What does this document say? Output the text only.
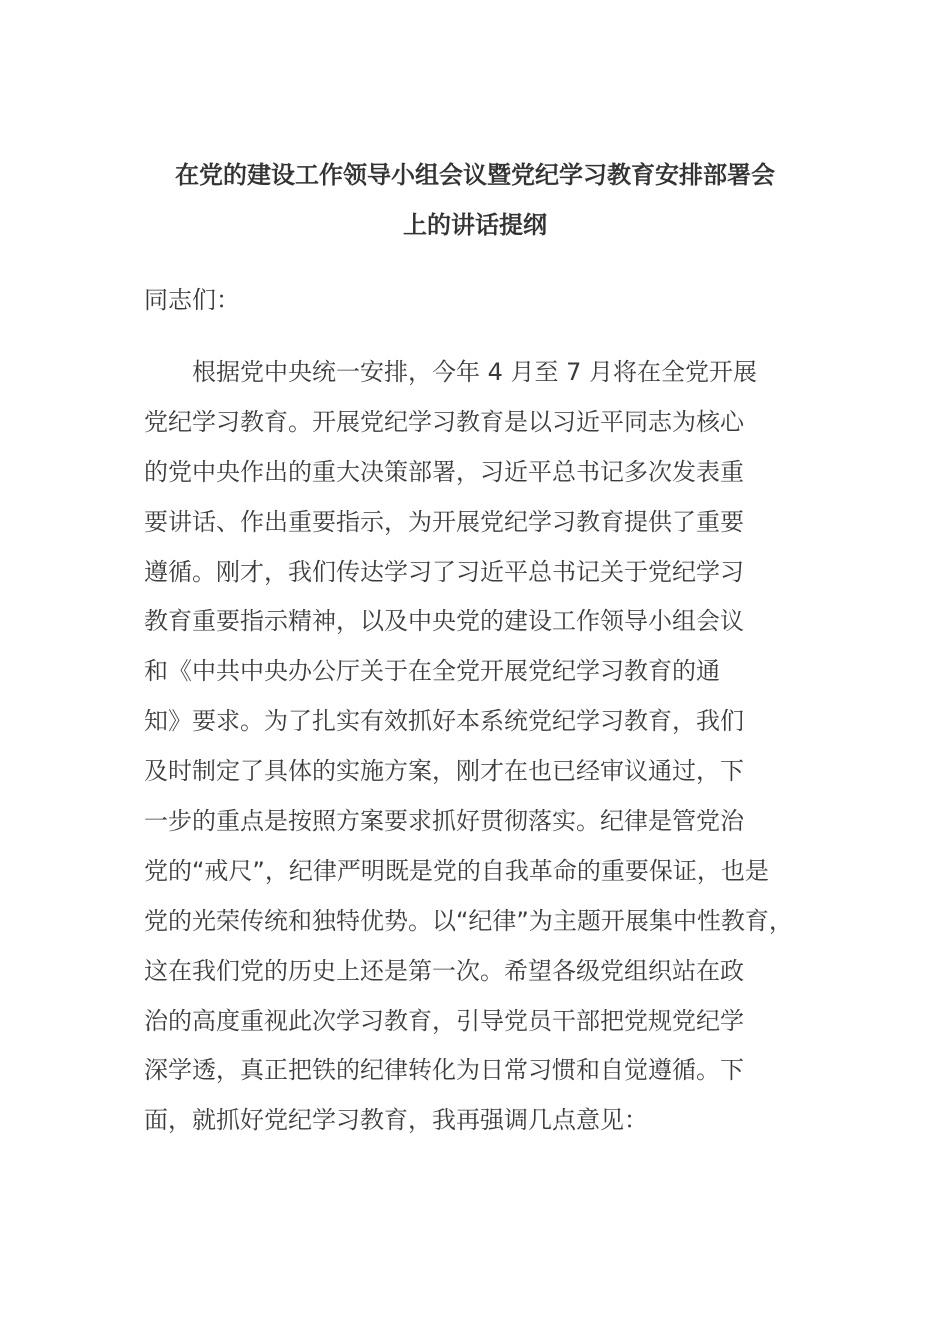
在党的建设工作领导小组会议暨党纪学习教育安排部署会
上的讲话提纲
同志们：
　　根据党中央统一安排，今年 4 月至 7 月将在全党开展
党纪学习教育。开展党纪学习教育是以习近平同志为核心
的党中央作出的重大决策部署，习近平总书记多次发表重
要讲话、作出重要指示，为开展党纪学习教育提供了重要
遵循。刚才，我们传达学习了习近平总书记关于党纪学习
教育重要指示精神，以及中央党的建设工作领导小组会议
和《中共中央办公厅关于在全党开展党纪学习教育的通
知》要求。为了扎实有效抓好本系统党纪学习教育，我们
及时制定了具体的实施方案，刚才在也已经审议通过，下
一步的重点是按照方案要求抓好贯彻落实。纪律是管党治
党的“戒尺”，纪律严明既是党的自我革命的重要保证，也是
党的光荣传统和独特优势。以“纪律”为主题开展集中性教育，
这在我们党的历史上还是第一次。希望各级党组织站在政
治的高度重视此次学习教育，引导党员干部把党规党纪学
深学透，真正把铁的纪律转化为日常习惯和自觉遵循。下
面，就抓好党纪学习教育，我再强调几点意见：
